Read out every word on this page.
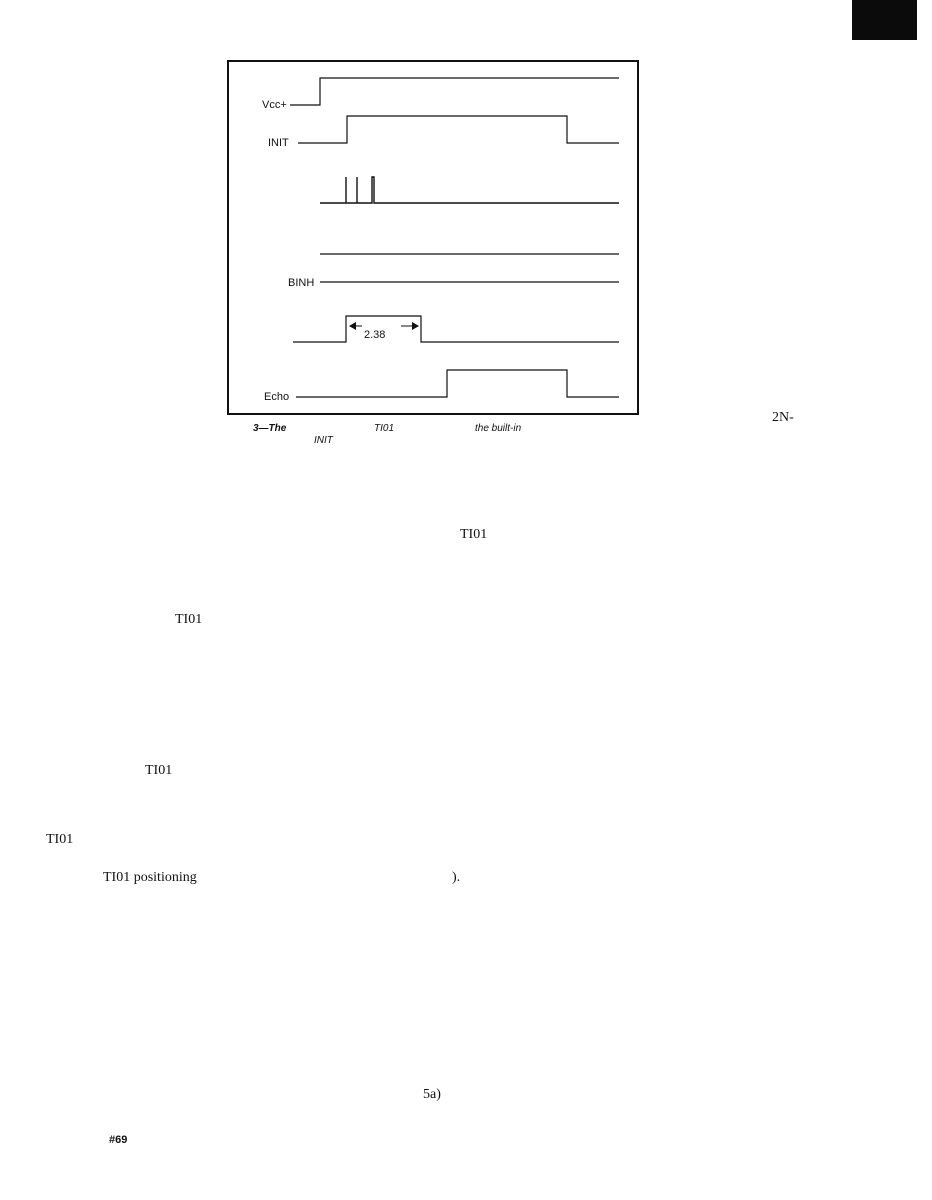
Vcc+
INIT
BINH
2.38
Echo
3—The	TI01	the built-in
INIT
2N-
TI01
TI01
TI01
TI01
TI01 positioning	).
5a)
#69
